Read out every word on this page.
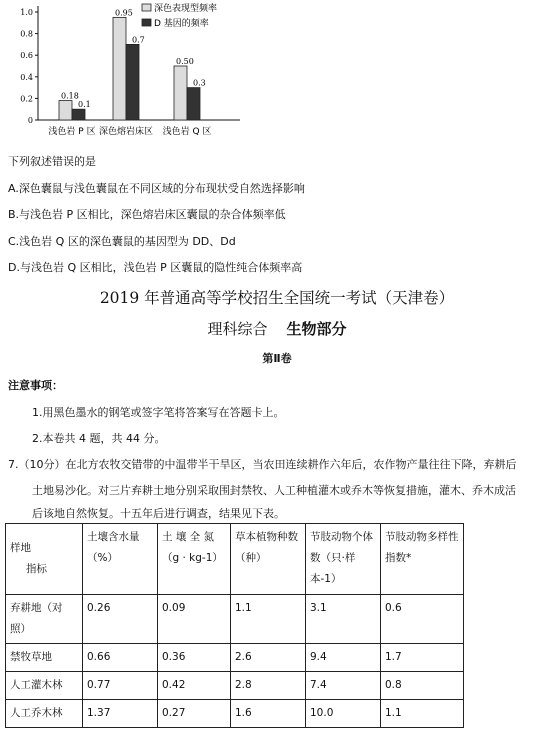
1.0
0.8
0.6
0.4
0.2
0
0.18
0.1
浅色岩 P 区
0.95
0.7
深色熔岩床区
0.50
0.3
浅色岩 Q 区
深色表现型频率
D 基因的频率
下列叙述错误的是
A.深色囊鼠与浅色囊鼠在不同区域的分布现状受自然选择影响
B.与浅色岩 P 区相比，深色熔岩床区囊鼠的杂合体频率低
C.浅色岩 Q 区的深色囊鼠的基因型为 DD、Dd
D.与浅色岩 Q 区相比，浅色岩 P 区囊鼠的隐性纯合体频率高
2019 年普通高等学校招生全国统一考试（天津卷）
理科综合 生物部分
第Ⅱ卷
注意事项：
1.用黑色墨水的钢笔或签字笔将答案写在答题卡上。
2.本卷共 4 题，共 44 分。
7.（10分）在北方农牧交错带的中温带半干旱区，当农田连续耕作六年后，农作物产量往往下降，弃耕后
土地易沙化。对三片弃耕土地分别采取围封禁牧、人工种植灌木或乔木等恢复措施，灌木、乔木成活
后该地自然恢复。十五年后进行调查，结果见下表。
样地
指标	土壤含水量（%）	土 壤 全 氮（g · kg-1）	草本植物种数（种）	节肢动物个体数（只·样本-1）	节肢动物多样性指数*
弃耕地（对照）	0.26	0.09	1.1	3.1	0.6
禁牧草地	0.66	0.36	2.6	9.4	1.7
人工灌木林	0.77	0.42	2.8	7.4	0.8
人工乔木林	1.37	0.27	1.6	10.0	1.1
